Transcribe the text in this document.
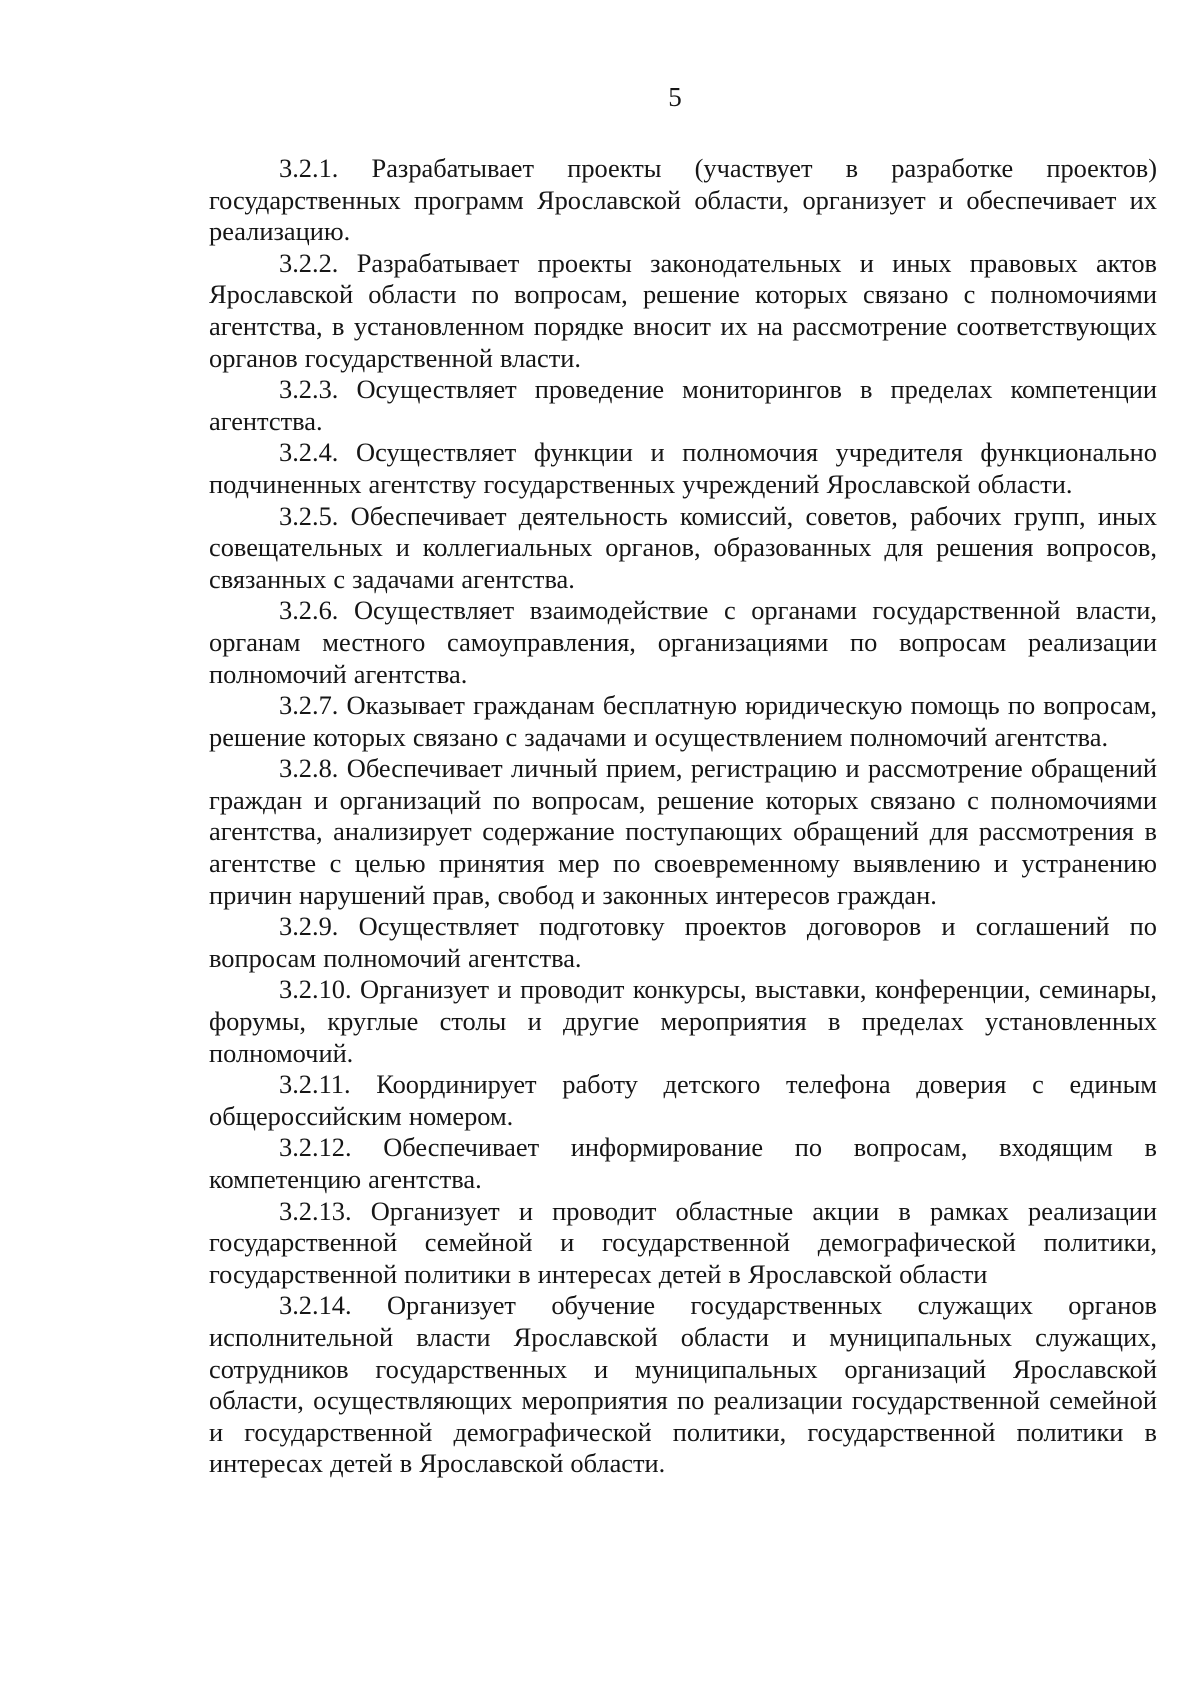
5

3.2.1. Разрабатывает проекты (участвует в разработке проектов) государственных программ Ярославской области, организует и обеспечивает их реализацию.

3.2.2. Разрабатывает проекты законодательных и иных правовых актов Ярославской области по вопросам, решение которых связано с полномочиями агентства, в установленном порядке вносит их на рассмотрение соответствующих органов государственной власти.

3.2.3. Осуществляет проведение мониторингов в пределах компетенции агентства.

3.2.4. Осуществляет функции и полномочия учредителя функционально подчиненных агентству государственных учреждений Ярославской области.

3.2.5. Обеспечивает деятельность комиссий, советов, рабочих групп, иных совещательных и коллегиальных органов, образованных для решения вопросов, связанных с задачами агентства.

3.2.6. Осуществляет взаимодействие с органами государственной власти, органам местного самоуправления, организациями по вопросам реализации полномочий агентства.

3.2.7. Оказывает гражданам бесплатную юридическую помощь по вопросам, решение которых связано с задачами и осуществлением полномочий агентства.

3.2.8. Обеспечивает личный прием, регистрацию и рассмотрение обращений граждан и организаций по вопросам, решение которых связано с полномочиями агентства, анализирует содержание поступающих обращений для рассмотрения в агентстве с целью принятия мер по своевременному выявлению и устранению причин нарушений прав, свобод и законных интересов граждан.

3.2.9. Осуществляет подготовку проектов договоров и соглашений по вопросам полномочий агентства.

3.2.10. Организует и проводит конкурсы, выставки, конференции, семинары, форумы, круглые столы и другие мероприятия в пределах установленных полномочий.

3.2.11. Координирует работу детского телефона доверия с единым общероссийским номером.

3.2.12. Обеспечивает информирование по вопросам, входящим в компетенцию агентства.

3.2.13. Организует и проводит областные акции в рамках реализации государственной семейной и государственной демографической политики, государственной политики в интересах детей в Ярославской области

3.2.14. Организует обучение государственных служащих органов исполнительной власти Ярославской области и муниципальных служащих, сотрудников государственных и муниципальных организаций Ярославской области, осуществляющих мероприятия по реализации государственной семейной и государственной демографической политики, государственной политики в интересах детей в Ярославской области.
